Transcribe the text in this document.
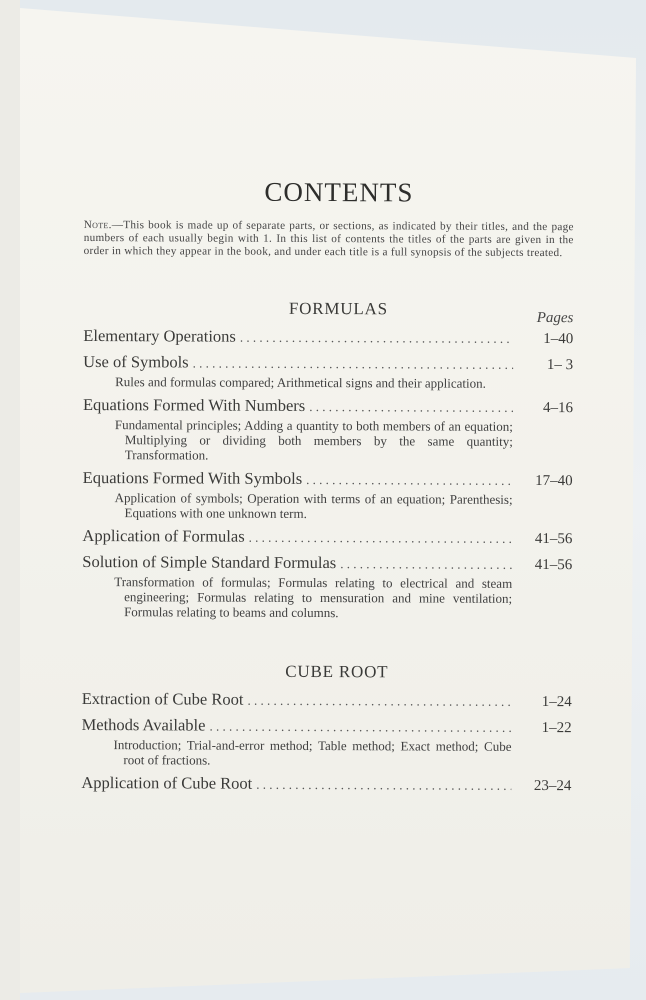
CONTENTS
Note.—This book is made up of separate parts, or sections, as indicated by their titles, and the page numbers of each usually begin with 1. In this list of contents the titles of the parts are given in the order in which they appear in the book, and under each title is a full synopsis of the subjects treated.
FORMULAS	Pages
Elementary Operations . . .	1–40
Use of Symbols . . .	1– 3
Rules and formulas compared; Arithmetical signs and their application.
Equations Formed With Numbers . . .	4–16
Fundamental principles; Adding a quantity to both members of an equation; Multiplying or dividing both members by the same quantity; Transformation.
Equations Formed With Symbols . . .	17–40
Application of symbols; Operation with terms of an equation; Parenthesis; Equations with one unknown term.
Application of Formulas . . .	41–56
Solution of Simple Standard Formulas . . .	41–56
Transformation of formulas; Formulas relating to electrical and steam engineering; Formulas relating to mensuration and mine ventilation; Formulas relating to beams and columns.
CUBE ROOT
Extraction of Cube Root . . .	1–24
Methods Available . . .	1–22
Introduction; Trial-and-error method; Table method; Exact method; Cube root of fractions.
Application of Cube Root . . .	23–24
